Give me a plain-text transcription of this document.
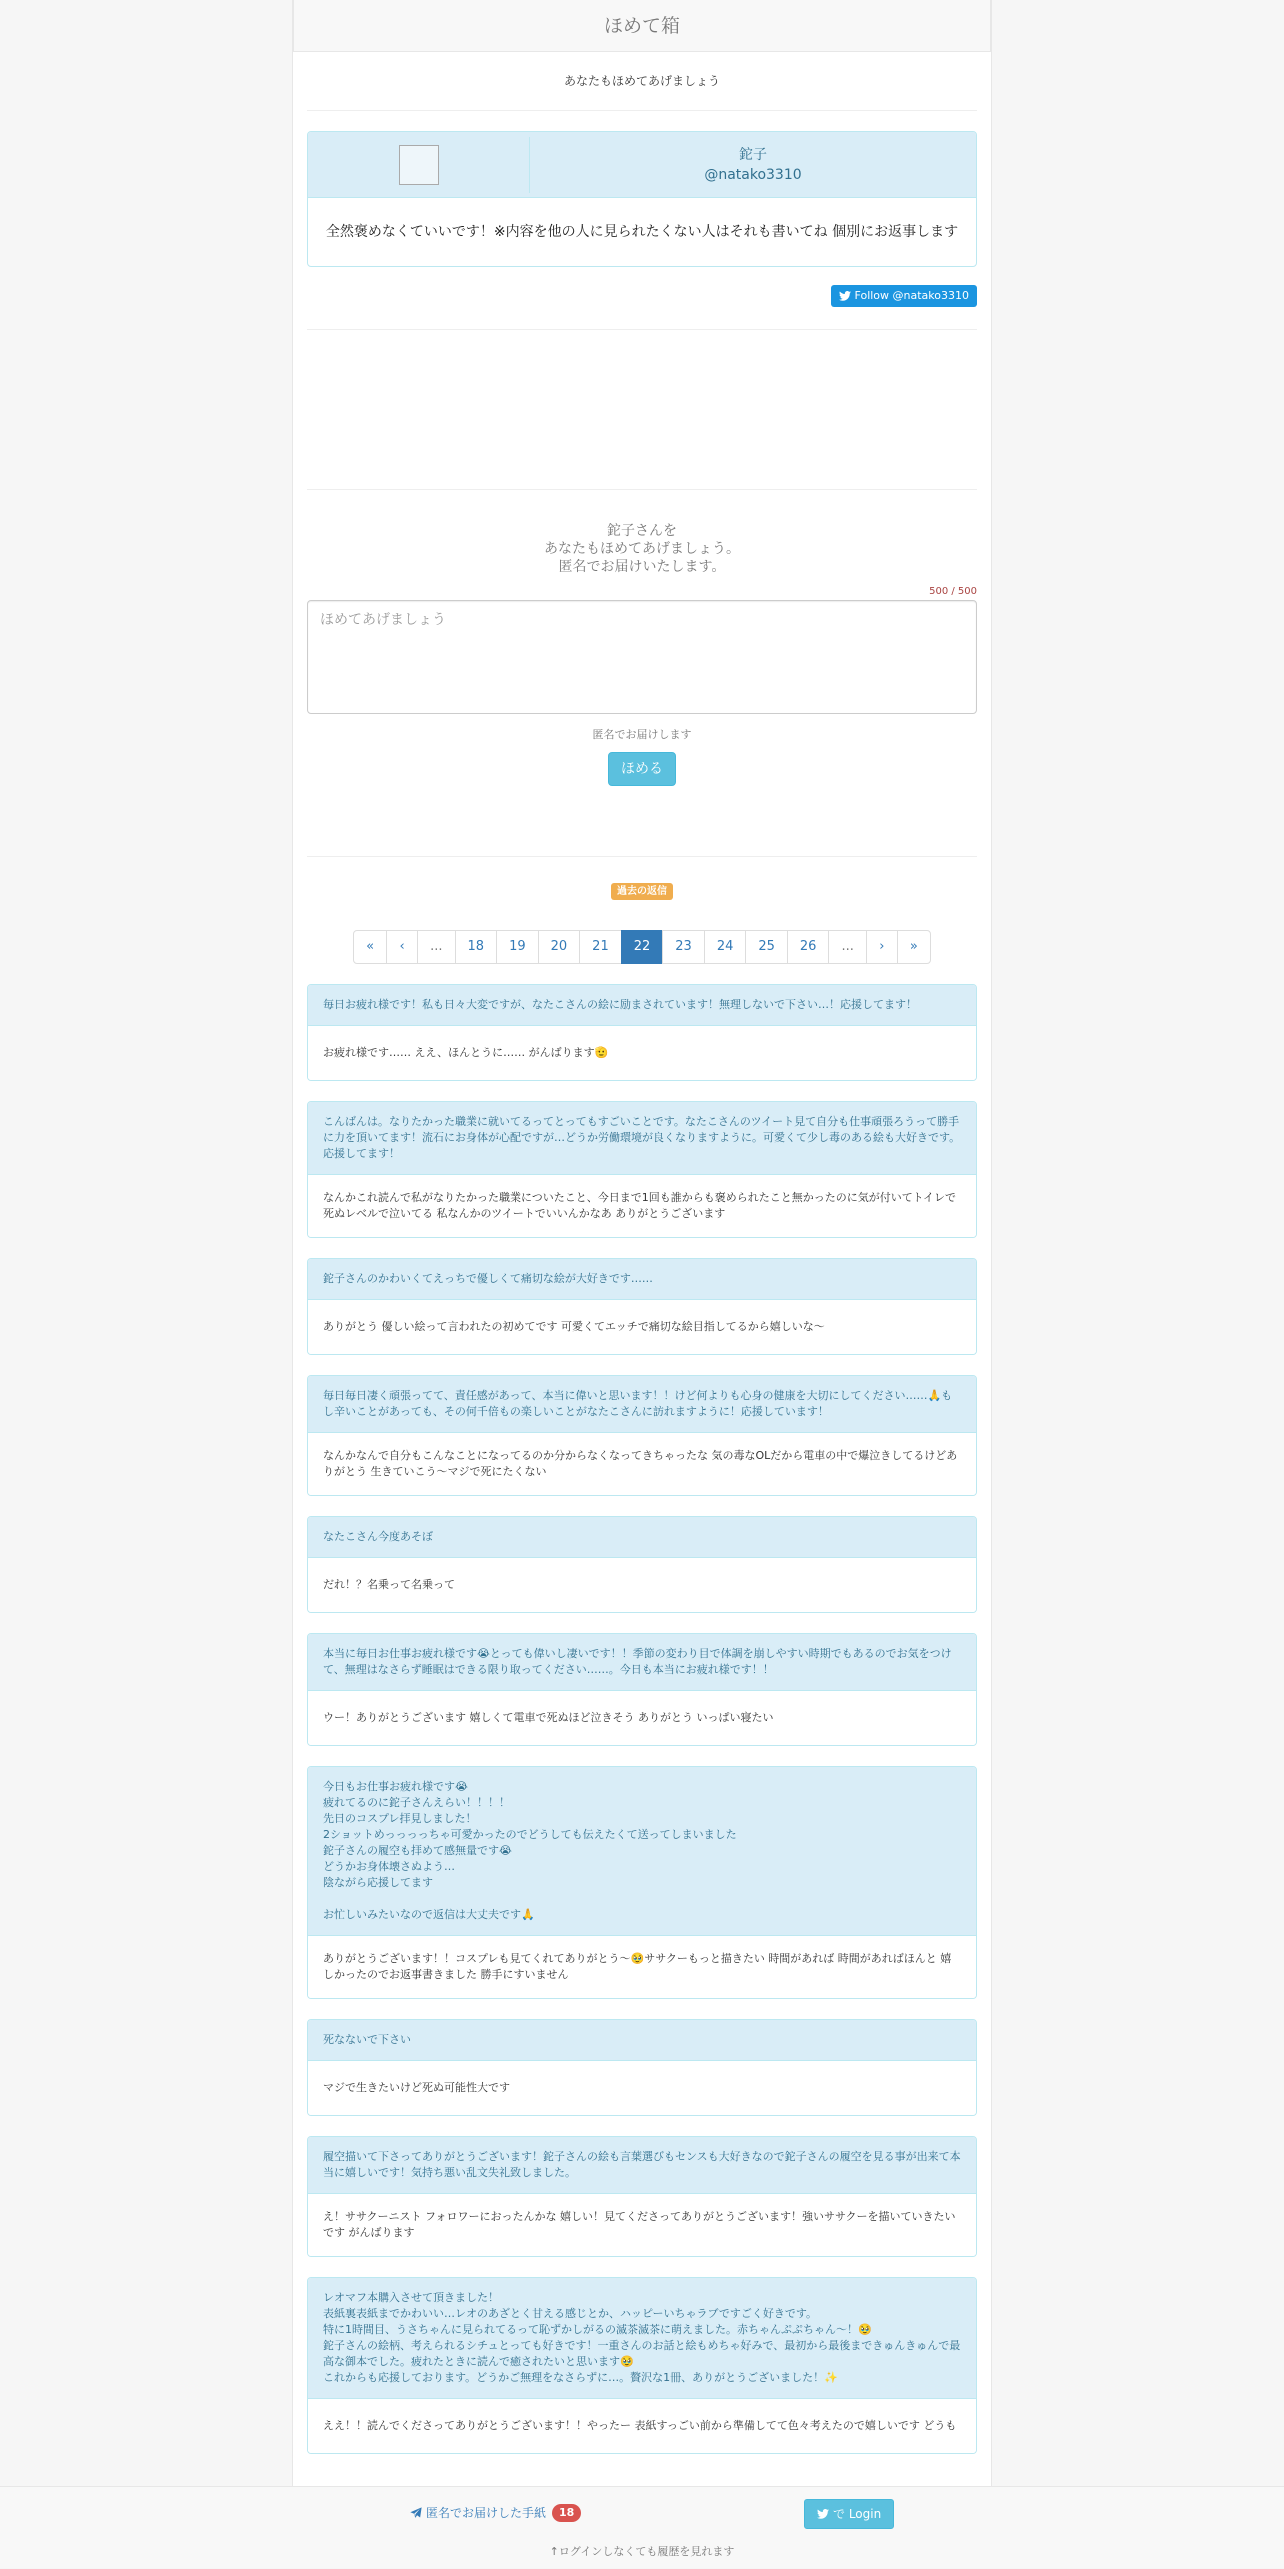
ほめて箱
あなたもほめてあげましょう
鉈子
@natako3310
全然褒めなくていいです！※内容を他の人に見られたくない人はそれも書いてね 個別にお返事します
Follow @natako3310
鉈子さんを
あなたもほめてあげましょう。
匿名でお届けいたします。
500 / 500
ほめてあげましょう
匿名でお届けします
ほめる
過去の返信
«	‹	...	18	19	20	21	22	23	24	25	26	...	›	»
毎日お疲れ様です！私も日々大変ですが、なたこさんの絵に励まされています！無理しないで下さい…！応援してます！
お疲れ様です…… ええ、ほんとうに…… がんばります🫡
こんばんは。なりたかった職業に就いてるってとってもすごいことです。なたこさんのツイート見て自分も仕事頑張ろうって勝手に力を頂いてます！流石にお身体が心配ですが…どうか労働環境が良くなりますように。可愛くて少し毒のある絵も大好きです。応援してます！
なんかこれ読んで私がなりたかった職業についたこと、今日まで1回も誰からも褒められたこと無かったのに気が付いてトイレで死ぬレベルで泣いてる 私なんかのツイートでいいんかなあ ありがとうございます
鉈子さんのかわいくてえっちで優しくて痛切な絵が大好きです……
ありがとう 優しい絵って言われたの初めてです 可愛くてエッチで痛切な絵目指してるから嬉しいな〜
毎日毎日凄く頑張ってて、責任感があって、本当に偉いと思います！！けど何よりも心身の健康を大切にしてください……🙏もし辛いことがあっても、その何千倍もの楽しいことがなたこさんに訪れますように！応援しています！
なんかなんで自分もこんなことになってるのか分からなくなってきちゃったな 気の毒なOLだから電車の中で爆泣きしてるけどありがとう 生きていこう〜マジで死にたくない
なたこさん今度あそぼ
だれ！？名乗って名乗って
本当に毎日お仕事お疲れ様です😭とっても偉いし凄いです！！季節の変わり目で体調を崩しやすい時期でもあるのでお気をつけて、無理はなさらず睡眠はできる限り取ってください……。今日も本当にお疲れ様です！！
ウー！ありがとうございます 嬉しくて電車で死ぬほど泣きそう ありがとう いっぱい寝たい
今日もお仕事お疲れ様です😭
疲れてるのに鉈子さんえらい！！！！
先日のコスプレ拝見しました！
2ショットめっっっっちゃ可愛かったのでどうしても伝えたくて送ってしまいました
鉈子さんの履空も拝めて感無量です😭
どうかお身体壊さぬよう…
陰ながら応援してます

お忙しいみたいなので返信は大丈夫です🙏
ありがとうございます！！コスプレも見てくれてありがとう〜🥹ササクーもっと描きたい 時間があれば 時間があればほんと 嬉しかったのでお返事書きました 勝手にすいません
死なないで下さい
マジで生きたいけど死ぬ可能性大です
履空描いて下さってありがとうございます！鉈子さんの絵も言葉選びもセンスも大好きなので鉈子さんの履空を見る事が出来て本当に嬉しいです！気持ち悪い乱文失礼致しました。
え！ササクーニスト フォロワーにおったんかな 嬉しい！見てくださってありがとうございます！強いササクーを描いていきたいです がんばります
レオマフ本購入させて頂きました！
表紙裏表紙までかわいい…レオのあざとく甘える感じとか、ハッピーいちゃラブですごく好きです。
特に1時間目、うさちゃんに見られてるって恥ずかしがるの滅茶滅茶に萌えました。赤ちゃんぷぷちゃん〜！🥹
鉈子さんの絵柄、考えられるシチュとっても好きです！一重さんのお話と絵もめちゃ好みで、最初から最後まできゅんきゅんで最高な御本でした。疲れたときに読んで癒されたいと思います🥹
これからも応援しております。どうかご無理をなさらずに…。贅沢な1冊、ありがとうございました！✨
ええ！！読んでくださってありがとうございます！！やったー 表紙すっごい前から準備してて色々考えたので嬉しいです どうも
匿名でお届けした手紙	18	で Login
↑ログインしなくても履歴を見れます
